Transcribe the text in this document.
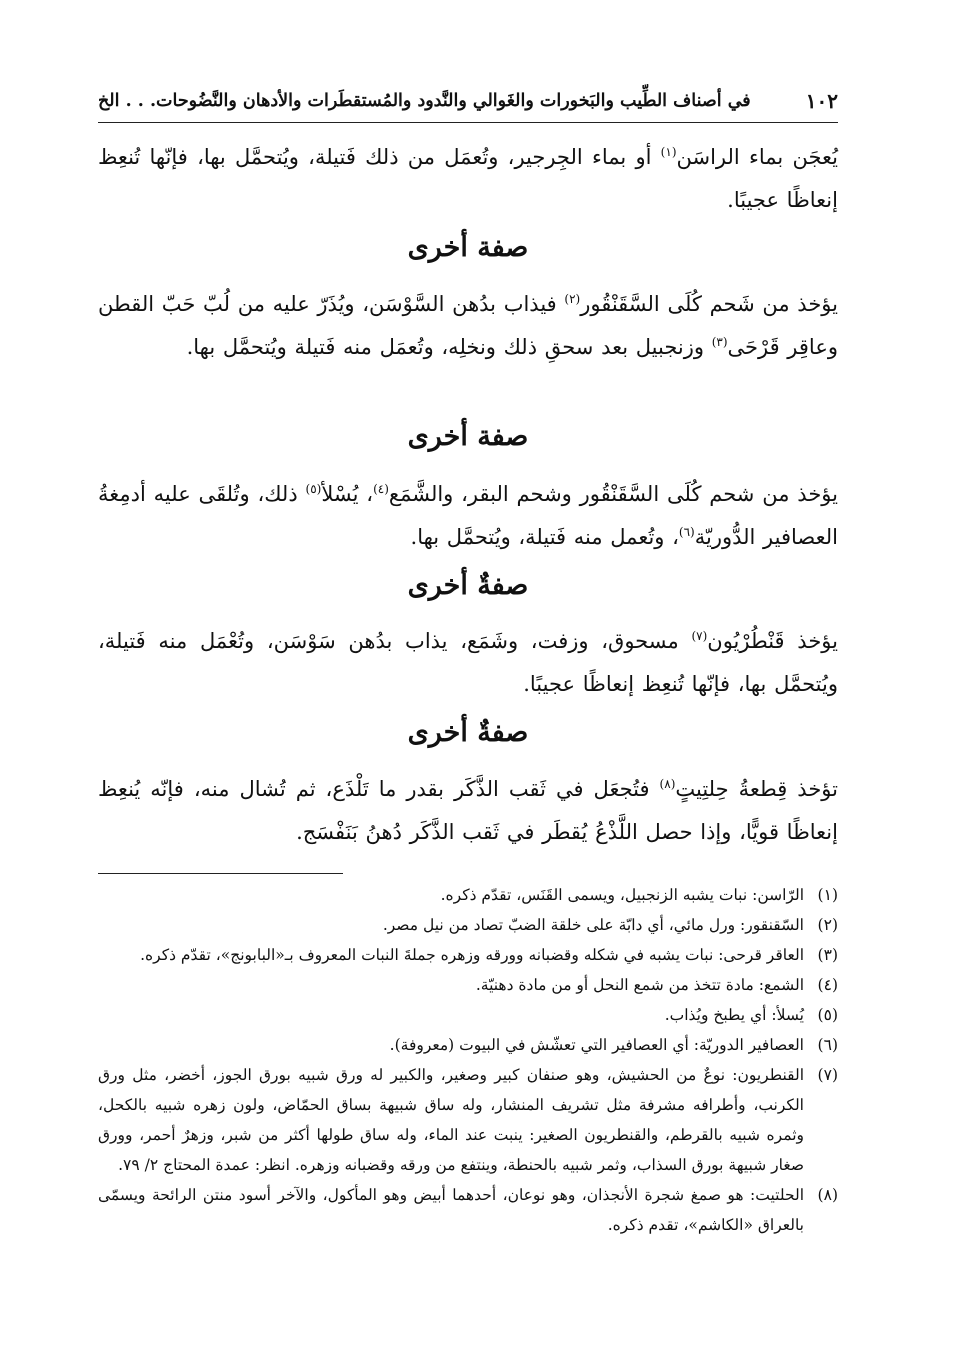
١٠٢
في أصناف الطِّيب والبَخورات والغَوالي والنَّدود والمُستقطَرات والأدهان والنَّضُوحات. . . الخ

يُعجَن بماء الراسَن$^{(١)}$ أو بماء الجِرجير، وتُعمَل من ذلك فَتيلة، ويُتحمَّل بها، فإنّها تُنعِظ إنعاظًا عجيبًا.

صفة أخرى

يؤخذ من شَحم كُلَى السَّقَنْقُور$^{(٢)}$ فيذاب بدُهن السَّوْسَن، ويُذَرّ عليه من لُبّ حَبّ القطن وعاقِر قَرْحَى$^{(٣)}$ وزنجبيل بعد سحقِ ذلك ونخلِه، وتُعمَل منه فَتيلة ويُتحمَّل بها.

صفة أخرى

يؤخذ من شحم كُلَى السَّقَنْقُور وشحم البقر، والشَّمَع$^{(٤)}$، يُسْلأ$^{(٥)}$ ذلك، وتُلقَى عليه أدمِغةُ العصافير الدُّوريّة$^{(٦)}$، وتُعمل منه فَتيلة، ويُتحمَّل بها.

صفةٌ أخرى

يؤخذ قَنْطُرْيُون$^{(٧)}$ مسحوق، وزفت، وشَمَع، يذاب بدُهن سَوْسَن، وتُعْمَل منه فَتيلة، ويُتحمَّل بها، فإنّها تُنعِظ إنعاظًا عجيبًا.

صفةٌ أخرى

تؤخذ قِطعةُ حِلتِيتٍ$^{(٨)}$ فتُجعَل في ثَقب الذَّكَر بقدر ما تَلْذَع، ثم تُشال منه، فإنّه يُنعِظ إنعاظًا قويًّا، وإذا حصل اللَّذْعُ يُقطَر في ثَقب الذَّكَر دُهنُ بَنَفْسَج.

(١)
الرّاسن: نبات يشبه الزنجبيل، ويسمى القَنَس، تقدّم ذكره.
(٢)
السّقنقور: ورل مائي، أي دابّة على خلقة الضبّ تصاد من نيل مصر.
(٣)
العاقر قرحى: نبات يشبه في شكله وقضبانه وورقه وزهره جملةَ النبات المعروف بـ«البابونج»، تقدّم ذكره.
(٤)
الشمع: مادة تتخذ من شمع النحل أو من مادة دهنيّة.
(٥)
يُسلأ: أي يطبخ ويُذاب.
(٦)
العصافير الدوريّة: أي العصافير التي تعشّش في البيوت (معروفة).
(٧)
القنطريون: نوعٌ من الحشيش، وهو صنفان كبير وصغير، والكبير له ورق شبيه بورق الجوز، أخضر، مثل ورق الكرنب، وأطرافه مشرفة مثل تشريف المنشار، وله ساق شبيهة بساق الحمّاض، ولون زهره شبيه بالكحل، وثمره شبيه بالقرطم، والقنطريون الصغير: ينبت عند الماء، وله ساق طولها أكثر من شبر، وزهرٌ أحمر، وورق صغار شبيهة بورق السذاب، وثمر شبيه بالحنطة، وينتفع من ورقه وقضبانه وزهره. انظر: عمدة المحتاج ٢/ ٧٩.
(٨)
الحلتيت: هو صمغ شجرة الأنجذان، وهو نوعان، أحدهما أبيض وهو المأكول، والآخر أسود منتن الرائحة ويسمّى بالعراق «الكاشم»، تقدم ذكره.
